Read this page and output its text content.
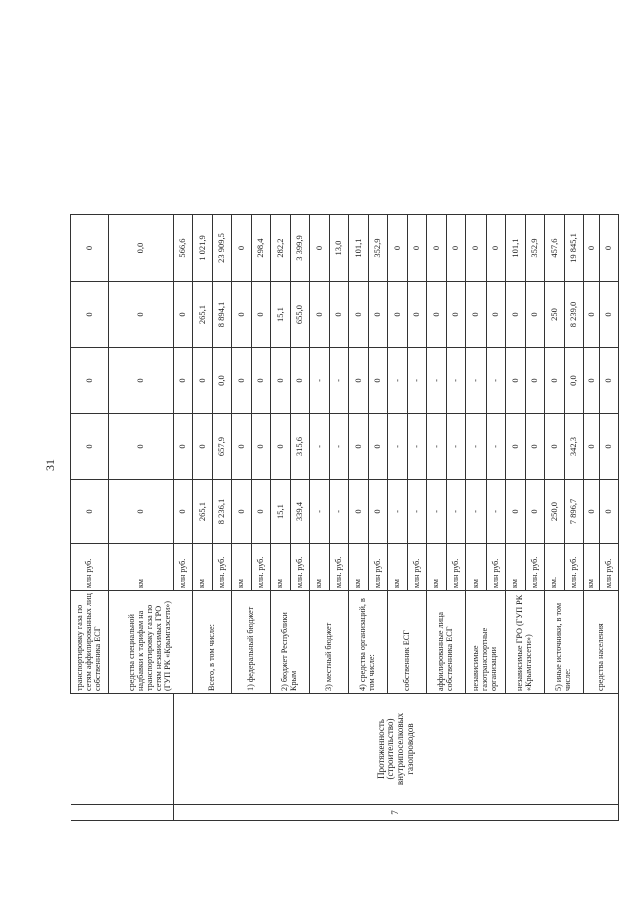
31
		транспортировку газа по сетям аффилированных лиц собственника ЕСГ	млн руб.	0	0	0	0	0
		средства специальной надбавки к тарифам на транспортировку газа по сетям независимых ГРО (ГУП РК «Крымгазсети»)	км	0	0	0	0	0,0
7	Протяженность (строительство) внутрипоселковых газопроводов		млн руб.	0	0	0	0	566,6
		Всего, в том числе:	км	265,1	0	0	265,1	1 021,9
			млн. руб.	8 236,1	657,9	0,0	8 894,1	23 909,5
		1) федеральный бюджет	км	0	0	0	0	0
			млн. руб.	0	0	0	0	298,4
		2) бюджет Республики Крым	км	15,1	0	0	15,1	282,2
			млн. руб.	339,4	315,6	0	655,0	3 399,9
		3) местный бюджет	км	-	-	-	0	0
			млн. руб.	-	-	-	0	13,0
		4) средства организаций, в том числе:	км	0	0	0	0	101,1
			млн руб.	0	0	0	0	352,9
		собственник ЕСГ	км	-	-	-	0	0
			млн руб.	-	-	-	0	0
		аффилированные лица собственника ЕСГ	км	-	-	-	0	0
			млн руб.	-	-	-	0	0
		независимые газотранспортные организации	км	-	-	-	0	0
			млн руб.	-	-	-	0	0
		независимые ГРО (ГУП РК «Крымгазсети»)	км	0	0	0	0	101,1
			млн. руб.	0	0	0	0	352,9
		5) иные источники, в том числе:	км.	250,0	0	0	250	457,6
			млн. руб.	7 896,7	342,3	0,0	8 239,0	19 845,1
		средства населения	км	0	0	0	0	0
			млн руб.	0	0	0	0	0
